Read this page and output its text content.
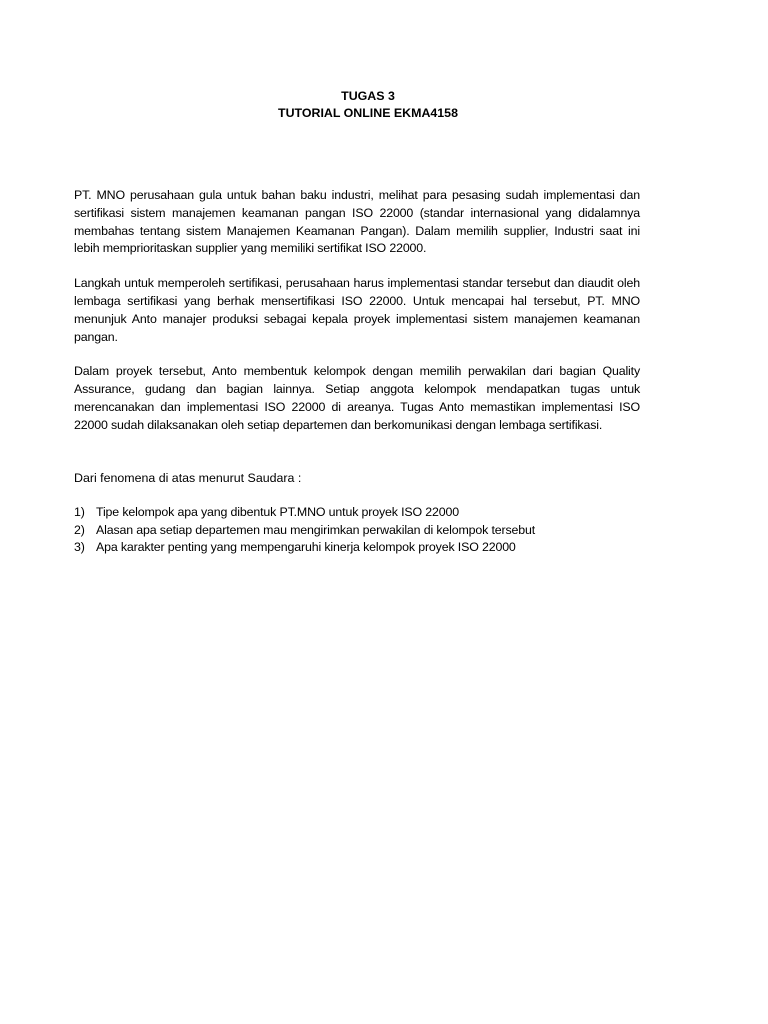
TUGAS 3
TUTORIAL ONLINE EKMA4158

PT. MNO perusahaan gula untuk bahan baku industri, melihat para pesasing sudah implementasi dan sertifikasi sistem manajemen keamanan pangan ISO 22000 (standar internasional yang didalamnya membahas tentang sistem Manajemen Keamanan Pangan). Dalam memilih supplier, Industri saat ini lebih memprioritaskan supplier yang memiliki sertifikat ISO 22000.

Langkah untuk memperoleh sertifikasi, perusahaan harus implementasi standar tersebut dan diaudit oleh lembaga sertifikasi yang berhak mensertifikasi ISO 22000. Untuk mencapai hal tersebut, PT. MNO menunjuk Anto manajer produksi sebagai kepala proyek implementasi sistem manajemen keamanan pangan.

Dalam proyek tersebut, Anto membentuk kelompok dengan memilih perwakilan dari bagian Quality Assurance, gudang dan bagian lainnya. Setiap anggota kelompok mendapatkan tugas untuk merencanakan dan implementasi ISO 22000 di areanya. Tugas Anto memastikan implementasi ISO 22000 sudah dilaksanakan oleh setiap departemen dan berkomunikasi dengan lembaga sertifikasi.

Dari fenomena di atas menurut Saudara :

1) Tipe kelompok apa yang dibentuk PT.MNO untuk proyek ISO 22000
2) Alasan apa setiap departemen mau mengirimkan perwakilan di kelompok tersebut
3) Apa karakter penting yang mempengaruhi kinerja kelompok proyek ISO 22000
